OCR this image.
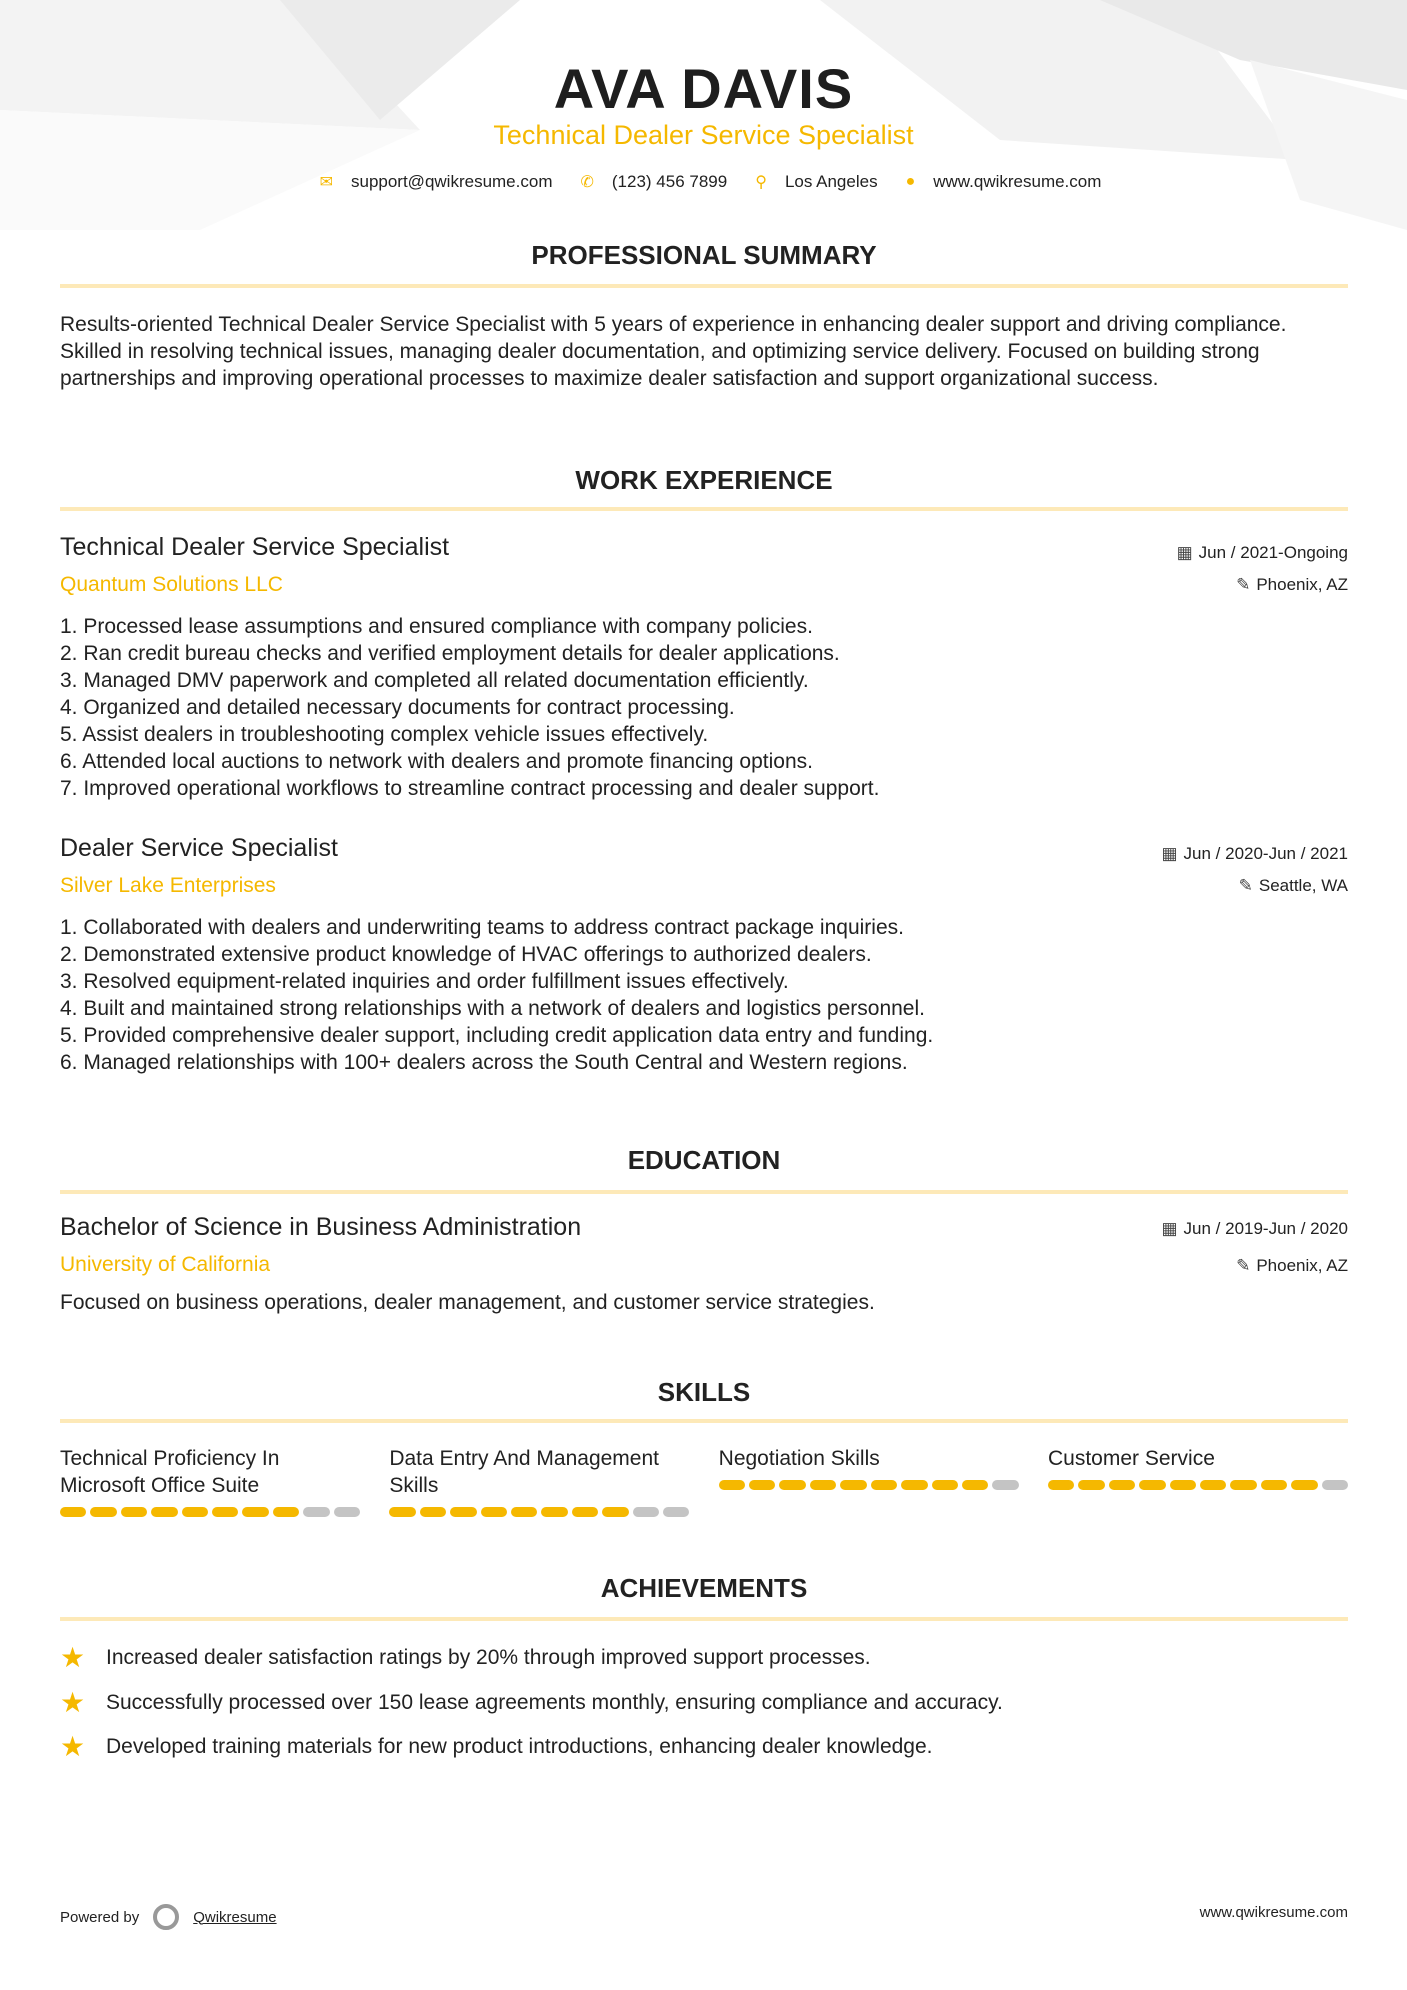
AVA DAVIS
Technical Dealer Service Specialist
✉ support@qwikresume.com ✆ (123) 456 7899 ⚲ Los Angeles ● www.qwikresume.com
PROFESSIONAL SUMMARY
Results-oriented Technical Dealer Service Specialist with 5 years of experience in enhancing dealer support and driving compliance. Skilled in resolving technical issues, managing dealer documentation, and optimizing service delivery. Focused on building strong partnerships and improving operational processes to maximize dealer satisfaction and support organizational success.
WORK EXPERIENCE
Technical Dealer Service Specialist
Quantum Solutions LLC
▦ Jun / 2021-Ongoing
✎ Phoenix, AZ
1. Processed lease assumptions and ensured compliance with company policies.
2. Ran credit bureau checks and verified employment details for dealer applications.
3. Managed DMV paperwork and completed all related documentation efficiently.
4. Organized and detailed necessary documents for contract processing.
5. Assist dealers in troubleshooting complex vehicle issues effectively.
6. Attended local auctions to network with dealers and promote financing options.
7. Improved operational workflows to streamline contract processing and dealer support.
Dealer Service Specialist
Silver Lake Enterprises
▦ Jun / 2020-Jun / 2021
✎ Seattle, WA
1. Collaborated with dealers and underwriting teams to address contract package inquiries.
2. Demonstrated extensive product knowledge of HVAC offerings to authorized dealers.
3. Resolved equipment-related inquiries and order fulfillment issues effectively.
4. Built and maintained strong relationships with a network of dealers and logistics personnel.
5. Provided comprehensive dealer support, including credit application data entry and funding.
6. Managed relationships with 100+ dealers across the South Central and Western regions.
EDUCATION
Bachelor of Science in Business Administration
University of California
▦ Jun / 2019-Jun / 2020
✎ Phoenix, AZ
Focused on business operations, dealer management, and customer service strategies.
SKILLS
Technical Proficiency In Microsoft Office Suite
Data Entry And Management Skills
Negotiation Skills	Customer Service
ACHIEVEMENTS
★ Increased dealer satisfaction ratings by 20% through improved support processes.
★ Successfully processed over 150 lease agreements monthly, ensuring compliance and accuracy.
★ Developed training materials for new product introductions, enhancing dealer knowledge.
Powered by	Qwikresume	www.qwikresume.com
